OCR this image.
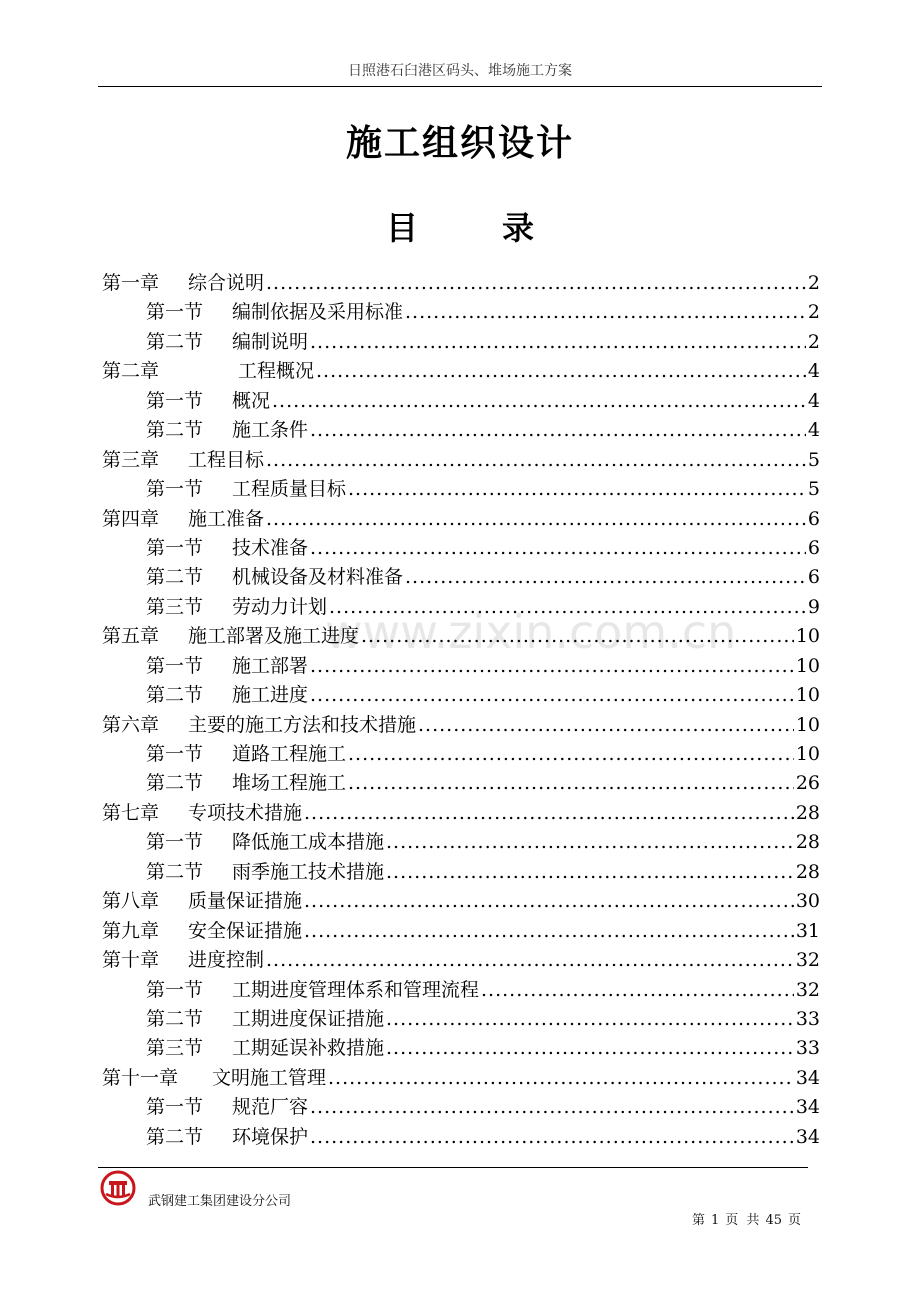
日照港石臼港区码头、堆场施工方案
施工组织设计
目	录
www.zixin.com.cn
第一章	综合说明 .....	2
第一节	编制依据及采用标准 .....	2
第二节	编制说明 .....	2
第二章	工程概况 .....	4
第一节	概况 .....	4
第二节	施工条件 .....	4
第三章	工程目标 .....	5
第一节	工程质量目标 .....	5
第四章	施工准备 .....	6
第一节	技术准备 .....	6
第二节	机械设备及材料准备 .....	6
第三节	劳动力计划 .....	9
第五章	施工部署及施工进度 .....	10
第一节	施工部署 .....	10
第二节	施工进度 .....	10
第六章	主要的施工方法和技术措施 .....	10
第一节	道路工程施工 .....	10
第二节	堆场工程施工 .....	26
第七章	专项技术措施 .....	28
第一节	降低施工成本措施 .....	28
第二节	雨季施工技术措施 .....	28
第八章	质量保证措施 .....	30
第九章	安全保证措施 .....	31
第十章	进度控制 .....	32
第一节	工期进度管理体系和管理流程 .....	32
第二节	工期进度保证措施 .....	33
第三节	工期延误补救措施 .....	33
第十一章	文明施工管理 .....	34
第一节	规范厂容 .....	34
第二节	环境保护 .....	34
武钢建工集团建设分公司
第 1 页 共 45 页
